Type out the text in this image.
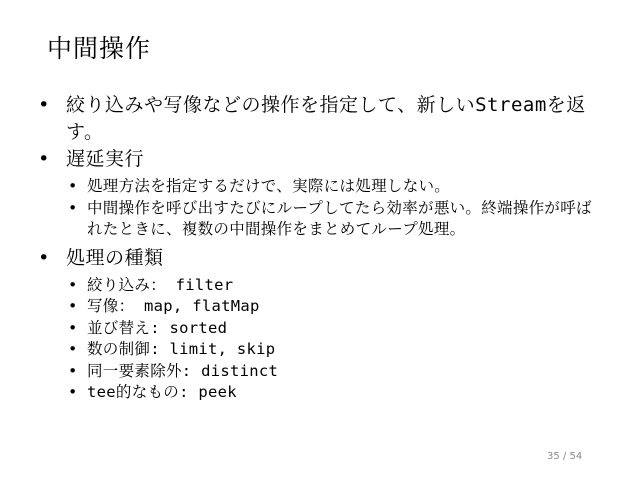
中間操作
• 絞り込みや写像などの操作を指定して、新しいStreamを返す。
• 遅延実行
• 処理方法を指定するだけで、実際には処理しない。
• 中間操作を呼び出すたびにループしてたら効率が悪い。終端操作が呼ばれたときに、複数の中間操作をまとめてループ処理。
• 処理の種類
• 絞り込み： filter
• 写像： map, flatMap
• 並び替え: sorted
• 数の制御: limit, skip
• 同一要素除外: distinct
• tee的なもの: peek
35 / 54
